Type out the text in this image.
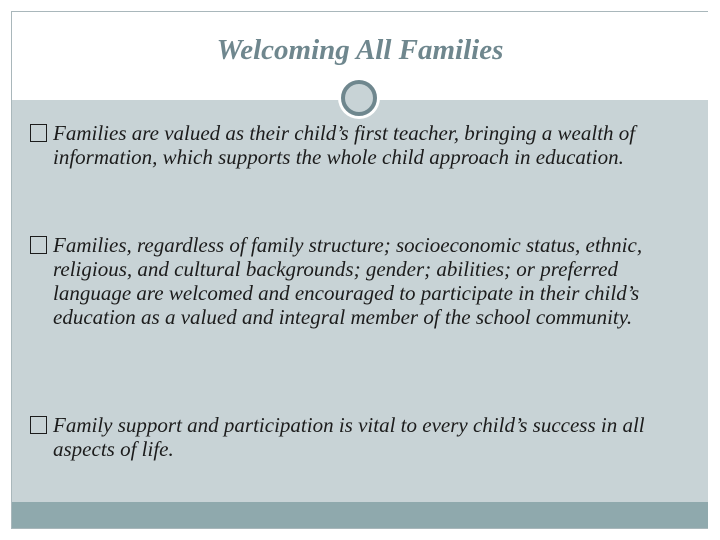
Welcoming All Families
Families are valued as their child’s first teacher, bringing a wealth of information, which supports the whole child approach in education.
Families, regardless of family structure; socioeconomic status, ethnic, religious, and cultural backgrounds; gender; abilities; or preferred language are welcomed and encouraged to participate in their child’s education as a valued and integral member of the school community.
Family support and participation is vital to every child’s success in all aspects of life.
